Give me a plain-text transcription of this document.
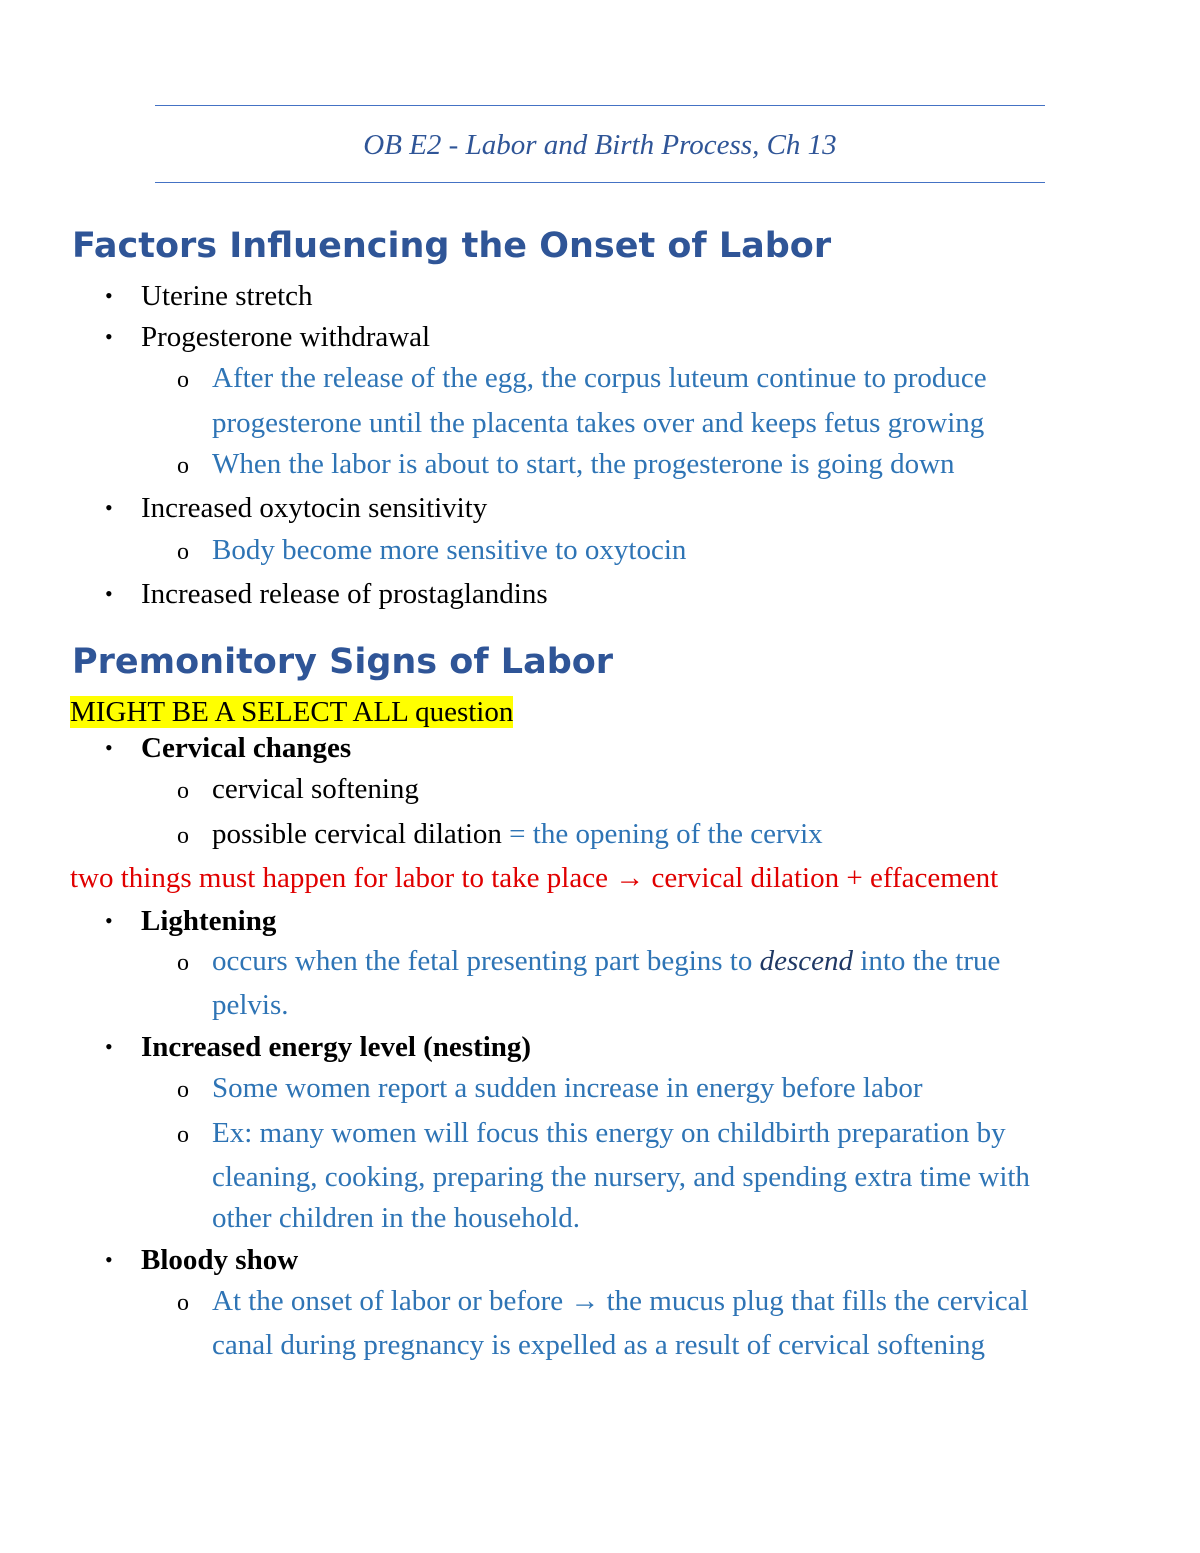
OB E2 - Labor and Birth Process, Ch 13
Factors Influencing the Onset of Labor
• Uterine stretch
• Progesterone withdrawal
o After the release of the egg, the corpus luteum continue to produce
progesterone until the placenta takes over and keeps fetus growing
o When the labor is about to start, the progesterone is going down
• Increased oxytocin sensitivity
o Body become more sensitive to oxytocin
• Increased release of prostaglandins
Premonitory Signs of Labor
MIGHT BE A SELECT ALL question
• Cervical changes
o cervical softening
o possible cervical dilation = the opening of the cervix
two things must happen for labor to take place → cervical dilation + effacement
• Lightening
o occurs when the fetal presenting part begins to descend into the true
pelvis.
• Increased energy level (nesting)
o Some women report a sudden increase in energy before labor
o Ex: many women will focus this energy on childbirth preparation by
cleaning, cooking, preparing the nursery, and spending extra time with
other children in the household.
• Bloody show
o At the onset of labor or before → the mucus plug that fills the cervical
canal during pregnancy is expelled as a result of cervical softening
